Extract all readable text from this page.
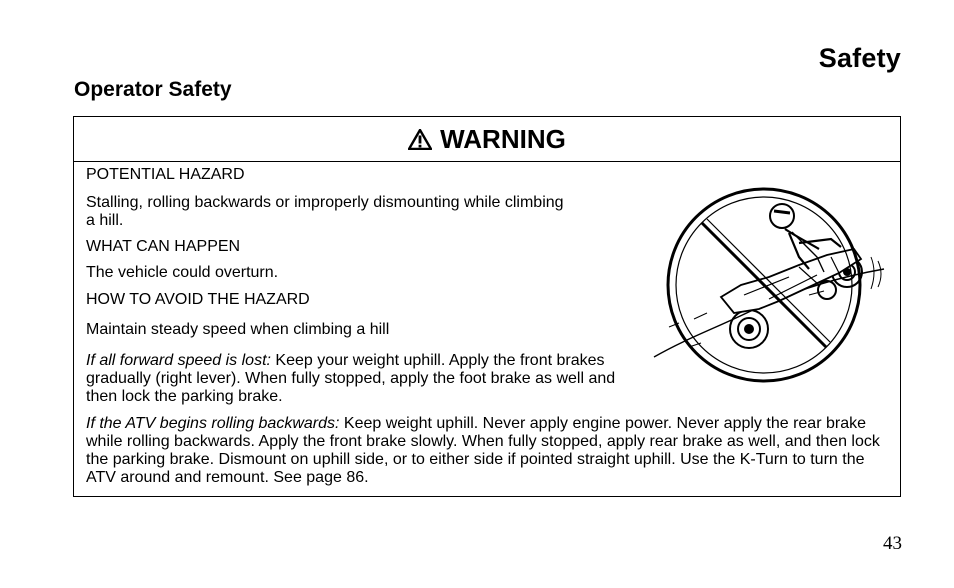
Safety
Operator Safety
WARNING
POTENTIAL HAZARD
Stalling, rolling backwards or improperly dismounting while climbing a hill.
WHAT CAN HAPPEN
The vehicle could overturn.
HOW TO AVOID THE HAZARD
Maintain steady speed when climbing a hill
If all forward speed is lost: Keep your weight uphill. Apply the front brakes gradually (right lever). When fully stopped, apply the foot brake as well and then lock the parking brake.
If the ATV begins rolling backwards: Keep weight uphill. Never apply engine power. Never apply the rear brake while rolling backwards. Apply the front brake slowly. When fully stopped, apply rear brake as well, and then lock the parking brake. Dismount on uphill side, or to either side if pointed straight uphill. Use the K-Turn to turn the ATV around and remount. See page 86.
43
